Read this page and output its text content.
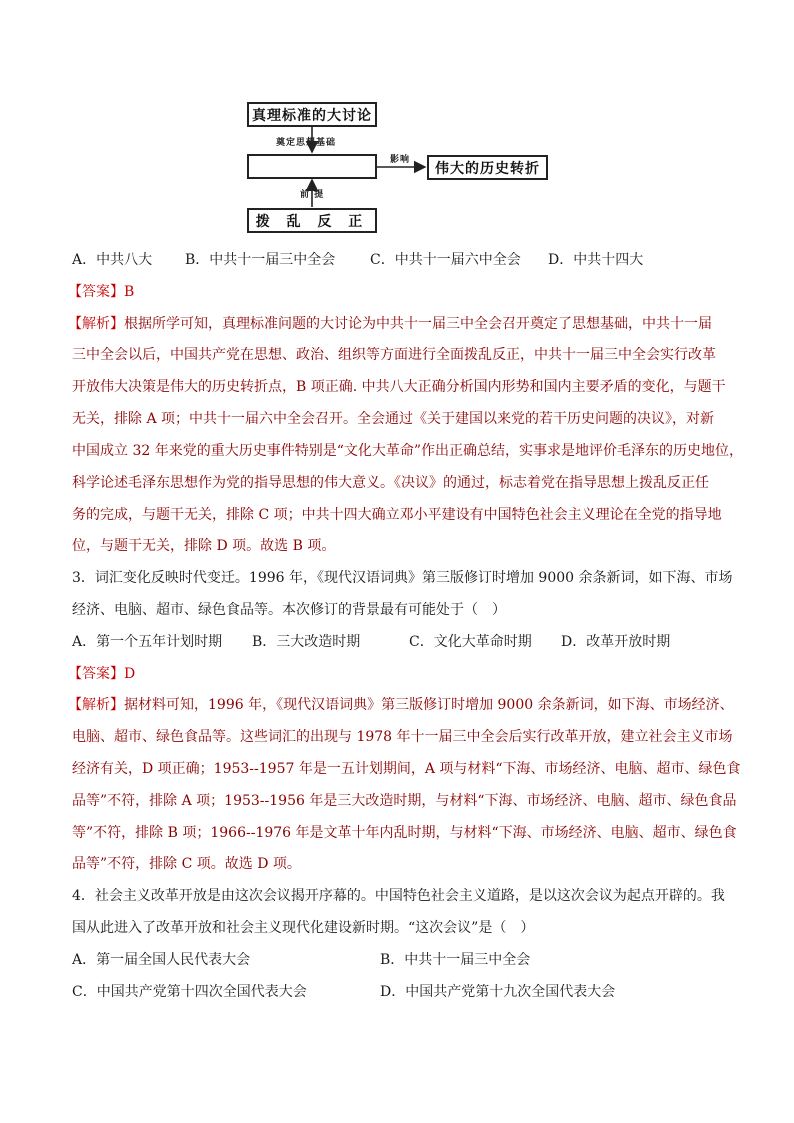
真理标准的大讨论
奠定思想基础
影响
伟大的历史转折
前 提
拨 乱 反 正
A．中共八大	B．中共十一届三中全会	C．中共十一届六中全会	D．中共十四大
【答案】B
【解析】根据所学可知，真理标准问题的大讨论为中共十一届三中全会召开奠定了思想基础，中共十一届
三中全会以后，中国共产党在思想、政治、组织等方面进行全面拨乱反正，中共十一届三中全会实行改革
开放伟大决策是伟大的历史转折点，B 项正确. 中共八大正确分析国内形势和国内主要矛盾的变化，与题干
无关，排除 A 项；中共十一届六中全会召开。全会通过《关于建国以来党的若干历史问题的决议》，对新
中国成立 32 年来党的重大历史事件特别是“文化大革命”作出正确总结，实事求是地评价毛泽东的历史地位，
科学论述毛泽东思想作为党的指导思想的伟大意义。《决议》的通过，标志着党在指导思想上拨乱反正任
务的完成，与题干无关，排除 C 项；中共十四大确立邓小平建设有中国特色社会主义理论在全党的指导地
位，与题干无关，排除 D 项。故选 B 项。
3．词汇变化反映时代变迁。1996 年，《现代汉语词典》第三版修订时增加 9000 余条新词，如下海、市场
经济、电脑、超市、绿色食品等。本次修订的背景最有可能处于（　）
A．第一个五年计划时期	B．三大改造时期	C．文化大革命时期	D．改革开放时期
【答案】D
【解析】据材料可知，1996 年，《现代汉语词典》第三版修订时增加 9000 余条新词，如下海、市场经济、
电脑、超市、绿色食品等。这些词汇的出现与 1978 年十一届三中全会后实行改革开放，建立社会主义市场
经济有关，D 项正确；1953--1957 年是一五计划期间，A 项与材料“下海、市场经济、电脑、超市、绿色食
品等”不符，排除 A 项；1953--1956 年是三大改造时期，与材料“下海、市场经济、电脑、超市、绿色食品
等”不符，排除 B 项；1966--1976 年是文革十年内乱时期，与材料“下海、市场经济、电脑、超市、绿色食
品等”不符，排除 C 项。故选 D 项。
4．社会主义改革开放是由这次会议揭开序幕的。中国特色社会主义道路，是以这次会议为起点开辟的。我
国从此进入了改革开放和社会主义现代化建设新时期。“这次会议”是（　）
A．第一届全国人民代表大会	B．中共十一届三中全会
C．中国共产党第十四次全国代表大会	D．中国共产党第十九次全国代表大会
